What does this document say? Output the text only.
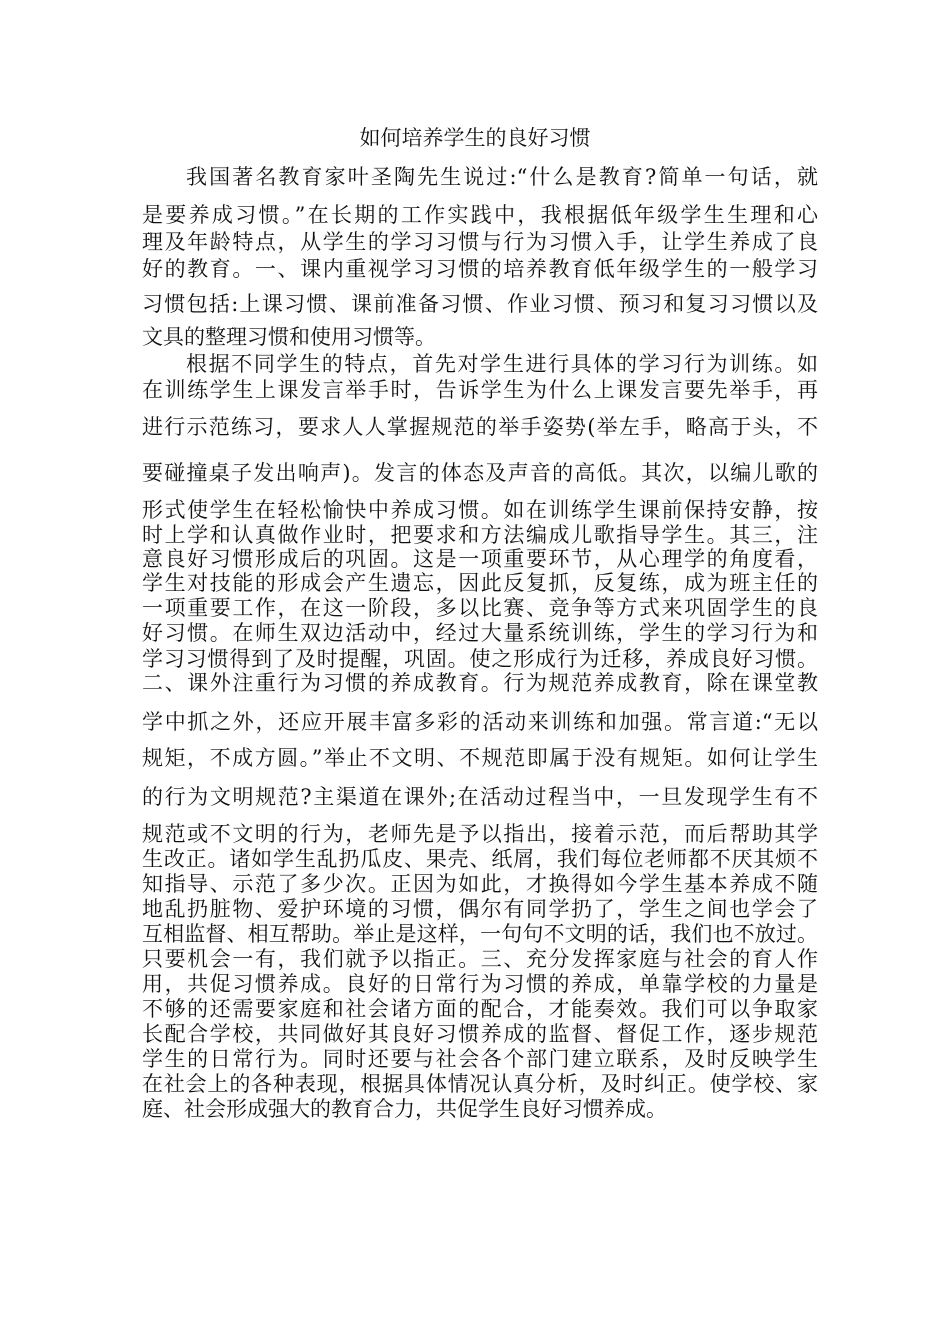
如何培养学生的良好习惯
我国著名教育家叶圣陶先生说过:“什么是教育?简单一句话，就
是要养成习惯。”在长期的工作实践中，我根据低年级学生生理和心
理及年龄特点，从学生的学习习惯与行为习惯入手，让学生养成了良
好的教育。一、课内重视学习习惯的培养教育低年级学生的一般学习
习惯包括:上课习惯、课前准备习惯、作业习惯、预习和复习习惯以及
文具的整理习惯和使用习惯等。
根据不同学生的特点，首先对学生进行具体的学习行为训练。如
在训练学生上课发言举手时，告诉学生为什么上课发言要先举手，再
进行示范练习，要求人人掌握规范的举手姿势(举左手，略高于头，不
要碰撞桌子发出响声)。发言的体态及声音的高低。其次，以编儿歌的
形式使学生在轻松愉快中养成习惯。如在训练学生课前保持安静，按
时上学和认真做作业时，把要求和方法编成儿歌指导学生。其三，注
意良好习惯形成后的巩固。这是一项重要环节，从心理学的角度看，
学生对技能的形成会产生遗忘，因此反复抓，反复练，成为班主任的
一项重要工作，在这一阶段，多以比赛、竞争等方式来巩固学生的良
好习惯。在师生双边活动中，经过大量系统训练，学生的学习行为和
学习习惯得到了及时提醒，巩固。使之形成行为迁移，养成良好习惯。
二、课外注重行为习惯的养成教育。行为规范养成教育，除在课堂教
学中抓之外，还应开展丰富多彩的活动来训练和加强。常言道:“无以
规矩，不成方圆。”举止不文明、不规范即属于没有规矩。如何让学生
的行为文明规范?主渠道在课外;在活动过程当中，一旦发现学生有不
规范或不文明的行为，老师先是予以指出，接着示范，而后帮助其学
生改正。诸如学生乱扔瓜皮、果壳、纸屑，我们每位老师都不厌其烦不
知指导、示范了多少次。正因为如此，才换得如今学生基本养成不随
地乱扔脏物、爱护环境的习惯，偶尔有同学扔了，学生之间也学会了
互相监督、相互帮助。举止是这样，一句句不文明的话，我们也不放过。
只要机会一有，我们就予以指正。三、充分发挥家庭与社会的育人作
用，共促习惯养成。良好的日常行为习惯的养成，单靠学校的力量是
不够的还需要家庭和社会诸方面的配合，才能奏效。我们可以争取家
长配合学校，共同做好其良好习惯养成的监督、督促工作，逐步规范
学生的日常行为。同时还要与社会各个部门建立联系，及时反映学生
在社会上的各种表现，根据具体情况认真分析，及时纠正。使学校、家
庭、社会形成强大的教育合力，共促学生良好习惯养成。
